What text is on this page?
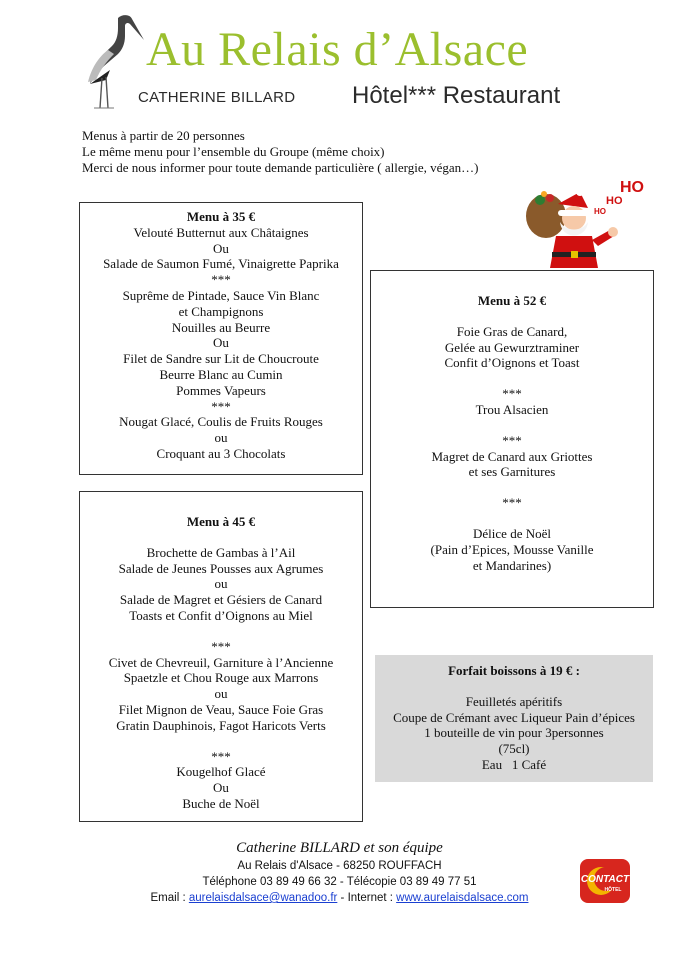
Au Relais d’Alsace
CATHERINE BILLARD Hôtel*** Restaurant
Menus à partir de 20 personnes
Le même menu pour l’ensemble du Groupe (même choix)
Merci de nous informer pour toute demande particulière ( allergie, végan…)
Menu à 35 €
Velouté Butternut aux Châtaignes
Ou
Salade de Saumon Fumé, Vinaigrette Paprika
***
Suprême de Pintade, Sauce Vin Blanc
et Champignons
Nouilles au Beurre
Ou
Filet de Sandre sur Lit de Choucroute
Beurre Blanc au Cumin
Pommes Vapeurs
***
Nougat Glacé, Coulis de Fruits Rouges
ou
Croquant au 3 Chocolats
HO
HO
HO
Menu à 52 €
Foie Gras de Canard,
Gelée au Gewurztraminer
Confit d’Oignons et Toast
***
Trou Alsacien
***
Magret de Canard aux Griottes
et ses Garnitures
***
Délice de Noël
(Pain d’Epices, Mousse Vanille
et Mandarines)
Menu à 45 €
Brochette de Gambas à l’Ail
Salade de Jeunes Pousses aux Agrumes
ou
Salade de Magret et Gésiers de Canard
Toasts et Confit d’Oignons au Miel
***
Civet de Chevreuil, Garniture à l’Ancienne
Spaetzle et Chou Rouge aux Marrons
ou
Filet Mignon de Veau, Sauce Foie Gras
Gratin Dauphinois, Fagot Haricots Verts
***
Kougelhof Glacé
Ou
Buche de Noël
Forfait boissons à 19 € :
Feuilletés apéritifs
Coupe de Crémant avec Liqueur Pain d’épices
1 bouteille de vin pour 3personnes
(75cl)
Eau   1 Café
Catherine BILLARD et son équipe
Au Relais d'Alsace - 68250 ROUFFACH
Téléphone 03 89 49 66 32 - Télécopie 03 89 49 77 51
Email : aurelaisdalsace@wanadoo.fr - Internet : www.aurelaisdalsace.com
CONTACT
HÔTEL
